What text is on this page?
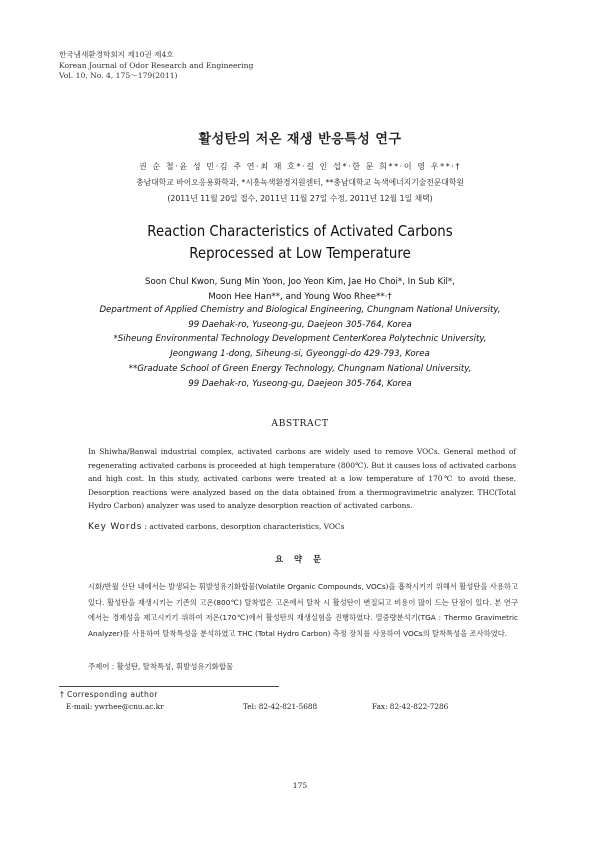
한국냄새환경학회지 제10권 제4호
Korean Journal of Odor Research and Engineering
Vol. 10, No. 4, 175～179(2011)
활성탄의 저온 재생 반응특성 연구
권 순 철·윤 성 민·김 주 연·최 재 호*·길 인 섭*·한 문 희**·이 영 우**·†
충남대학교 바이오응용화학과, *시흥녹색환경지원센터, **충남대학교 녹색에너지기술전문대학원
(2011년 11월 20일 접수, 2011년 11월 27일 수정, 2011년 12월 1일 채택)
Reaction Characteristics of Activated Carbons
Reprocessed at Low Temperature
Soon Chul Kwon, Sung Min Yoon, Joo Yeon Kim, Jae Ho Choi*, In Sub Kil*,
Moon Hee Han**, and Young Woo Rhee**·†
Department of Applied Chemistry and Biological Engineering, Chungnam National University,
99 Daehak-ro, Yuseong-gu, Daejeon 305-764, Korea
*Siheung Environmental Technology Development CenterKorea Polytechnic University,
Jeongwang 1-dong, Siheung-si, Gyeonggi-do 429-793, Korea
**Graduate School of Green Energy Technology, Chungnam National University,
99 Daehak-ro, Yuseong-gu, Daejeon 305-764, Korea
ABSTRACT
In Shiwha/Banwal industrial complex, activated carbons are widely used to remove VOCs. General method of regenerating activated carbons is proceeded at high temperature (800℃). But it causes loss of activated carbons and high cost. In this study, activated carbons were treated at a low temperature of 170℃ to avoid these. Desorption reactions were analyzed based on the data obtained from a thermogravimetric analyzer. THC(Total Hydro Carbon) analyzer was used to analyze desorption reaction of activated carbons.
Key Words : activated carbons, desorption characteristics, VOCs
요 약 문
시화/반월 산단 내에서는 발생되는 휘발성유기화합물(Volatile Organic Compounds, VOCs)을 흡착시키기 위해서 활성탄을 사용하고 있다. 활성탄을 재생시키는 기존의 고온(800℃) 탈착법은 고온에서 탈착 시 활성탄이 변질되고 비용이 많이 드는 단점이 있다. 본 연구에서는 경제성을 제고시키기 위하여 저온(170℃)에서 활성탄의 재생실험을 진행하였다. 열중량분석기(TGA : Thermo Gravimetric Analyzer)를 사용하여 탈착특성을 분석하였고 THC (Total Hydro Carbon) 측정 장치를 사용하여 VOCs의 탈착특성을 조사하였다.
주제어 : 활성탄, 탈착특성, 휘발성유기화합물
† Corresponding author
E-mail: ywrhee@cnu.ac.kr	Tel: 82-42-821-5688	Fax: 82-42-822-7286
175
